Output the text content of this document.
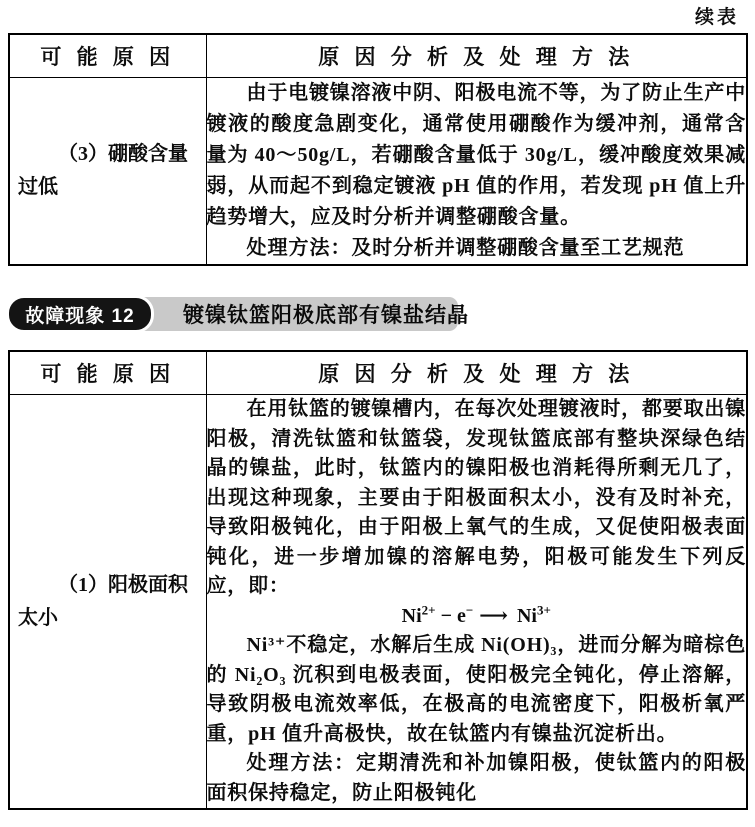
续表
可 能 原 因	原 因 分 析 及 处 理 方 法

（3）硼酸含量过低	由于电镀镍溶液中阴、阳极电流不等，为了防止生产中镀液的酸度急剧变化，通常使用硼酸作为缓冲剂，通常含量为 40～50g/L，若硼酸含量低于 30g/L，缓冲酸度效果减弱，从而起不到稳定镀液 pH 值的作用，若发现 pH 值上升趋势增大，应及时分析并调整硼酸含量。

处理方法：及时分析并调整硼酸含量至工艺规范

镀镍钛篮阳极底部有镍盐结晶
故障现象 12
可 能 原 因	原 因 分 析 及 处 理 方 法

（1）阳极面积太小	在用钛篮的镀镍槽内，在每次处理镀液时，都要取出镍阳极，清洗钛篮和钛篮袋，发现钛篮底部有整块深绿色结晶的镍盐，此时，钛篮内的镍阳极也消耗得所剩无几了，出现这种现象，主要由于阳极面积太小，没有及时补充，导致阳极钝化，由于阳极上氧气的生成，又促使阳极表面钝化，进一步增加镍的溶解电势，阳极可能发生下列反应，即：

$Ni^{2+} - e^-$ ⟶ $Ni^{3+}$

Ni³⁺不稳定，水解后生成 Ni(OH)₃，进而分解为暗棕色的 Ni₂O₃ 沉积到电极表面，使阳极完全钝化，停止溶解，导致阴极电流效率低，在极高的电流密度下，阳极析氧严重，pH 值升高极快，故在钛篮内有镍盐沉淀析出。

处理方法：定期清洗和补加镍阳极，使钛篮内的阳极面积保持稳定，防止阳极钝化
